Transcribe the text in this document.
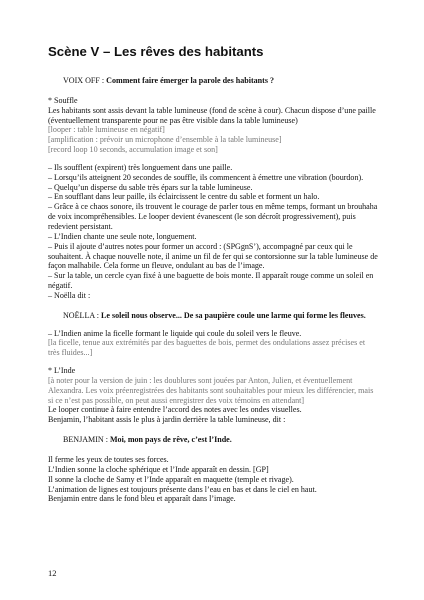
Scène V – Les rêves des habitants

VOIX OFF : Comment faire émerger la parole des habitants ?

* Souffle

Les habitants sont assis devant la table lumineuse (fond de scène à cour). Chacun dispose d’une paille (éventuellement transparente pour ne pas être visible dans la table lumineuse)

[looper : table lumineuse en négatif]

[amplification : prévoir un microphone d’ensemble à la table lumineuse]

[record loop 10 seconds, accumulation image et son]

– Ils soufflent (expirent) très longuement dans une paille.

– Lorsqu’ils atteignent 20 secondes de souffle, ils commencent à émettre une vibration (bourdon).

– Quelqu’un disperse du sable très épars sur la table lumineuse.

– En soufflant dans leur paille, ils éclaircissent le centre du sable et forment un halo.

– Grâce à ce chaos sonore, ils trouvent le courage de parler tous en même temps, formant un brouhaha de voix incompréhensibles. Le looper devient évanescent (le son décroît progressivement), puis redevient persistant.

– L’Indien chante une seule note, longuement.

– Puis il ajoute d’autres notes pour former un accord : (SPGgnS’), accompagné par ceux qui le souhaitent. À chaque nouvelle note, il anime un fil de fer qui se contorsionne sur la table lumineuse de façon malhabile. Cela forme un fleuve, ondulant au bas de l’image.

– Sur la table, un cercle cyan fixé à une baguette de bois monte. Il apparaît rouge comme un soleil en négatif.

– Noëlla dit :

NOËLLA : Le soleil nous observe... De sa paupière coule une larme qui forme les fleuves.

– L’Indien anime la ficelle formant le liquide qui coule du soleil vers le fleuve.

[la ficelle, tenue aux extrémités par des baguettes de bois, permet des ondulations assez précises et très fluides...]

* L’Inde

[à noter pour la version de juin : les doublures sont jouées par Anton, Julien, et éventuellement Alexandra. Les voix préenregistrées des habitants sont souhaitables pour mieux les différencier, mais si ce n’est pas possible, on peut aussi enregistrer des voix témoins en attendant]

Le looper continue à faire entendre l’accord des notes avec les ondes visuelles.

Benjamin, l’habitant assis le plus à jardin derrière la table lumineuse, dit :

BENJAMIN : Moi, mon pays de rêve, c’est l’Inde.

Il ferme les yeux de toutes ses forces.

L’Indien sonne la cloche sphérique et l’Inde apparaît en dessin. [GP]

Il sonne la cloche de Samy et l’Inde apparaît en maquette (temple et rivage).

L’animation de lignes est toujours présente dans l’eau en bas et dans le ciel en haut.

Benjamin entre dans le fond bleu et apparaît dans l’image.

12
